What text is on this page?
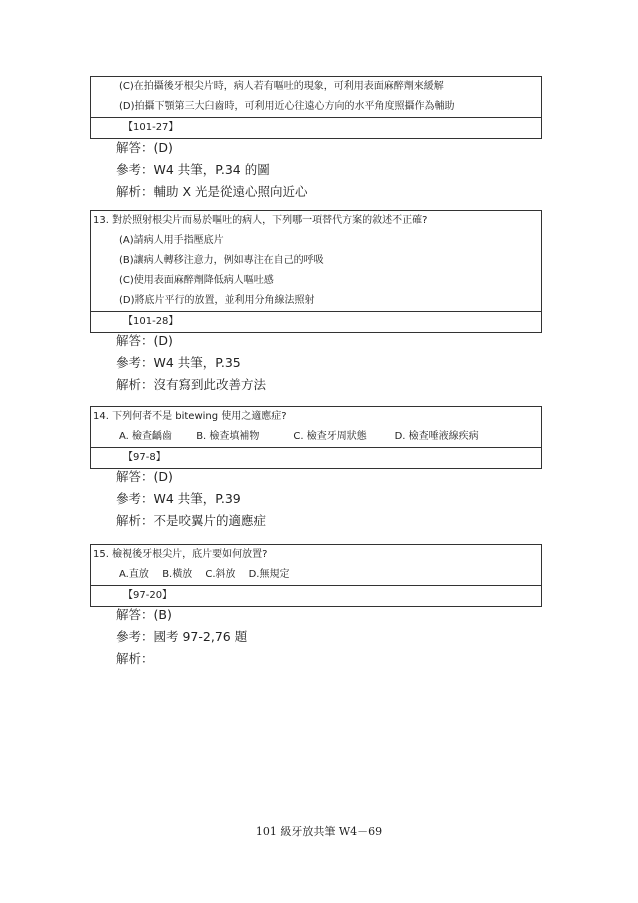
(C)在拍攝後牙根尖片時，病人若有嘔吐的現象，可利用表面麻醉劑來緩解
(D)拍攝下顎第三大臼齒時，可利用近心往遠心方向的水平角度照攝作為輔助
【101-27】
解答：(D)
參考：W4 共筆，P.34 的圖
解析：輔助 X 光是從遠心照向近心
13. 對於照射根尖片而易於嘔吐的病人，下列哪一項替代方案的敘述不正確?
(A)請病人用手指壓底片
(B)讓病人轉移注意力，例如專注在自己的呼吸
(C)使用表面麻醉劑降低病人嘔吐感
(D)將底片平行的放置，並利用分角線法照射
【101-28】
解答：(D)
參考：W4 共筆，P.35
解析：沒有寫到此改善方法
14. 下列何者不是 bitewing 使用之適應症?
A. 檢查齲齒 B. 檢查填補物	C. 檢查牙周狀態	D. 檢查唾液線疾病
【97-8】
解答：(D)
參考：W4 共筆，P.39
解析：不是咬翼片的適應症
15. 檢視後牙根尖片，底片要如何放置?
A.直放 B.橫放 C.斜放 D.無規定
【97-20】
解答：(B)
參考：國考 97-2,76 題
解析：
101 級牙放共筆 W4－69
